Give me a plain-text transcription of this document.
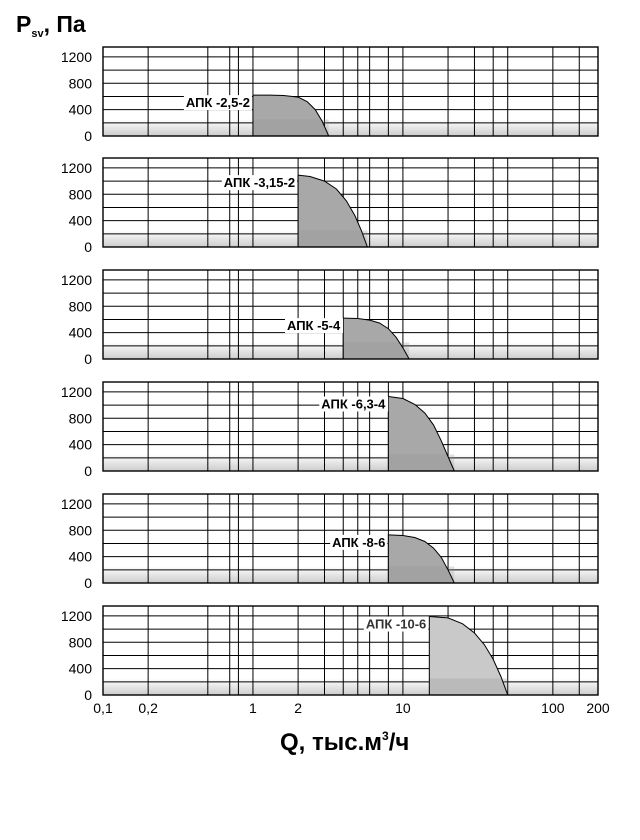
$P_{sv}$, Па
0
400
800
1200
АПК -2,5-2
0
400
800
1200
АПК -3,15-2
0
400
800
1200
АПК -5-4
0
400
800
1200
АПК -6,3-4
0
400
800
1200
АПК -8-6
0
400
800
1200
АПК -10-6
0,1 0,2	1	2	10	100 200
Q, $тыс.м^3/ч$
